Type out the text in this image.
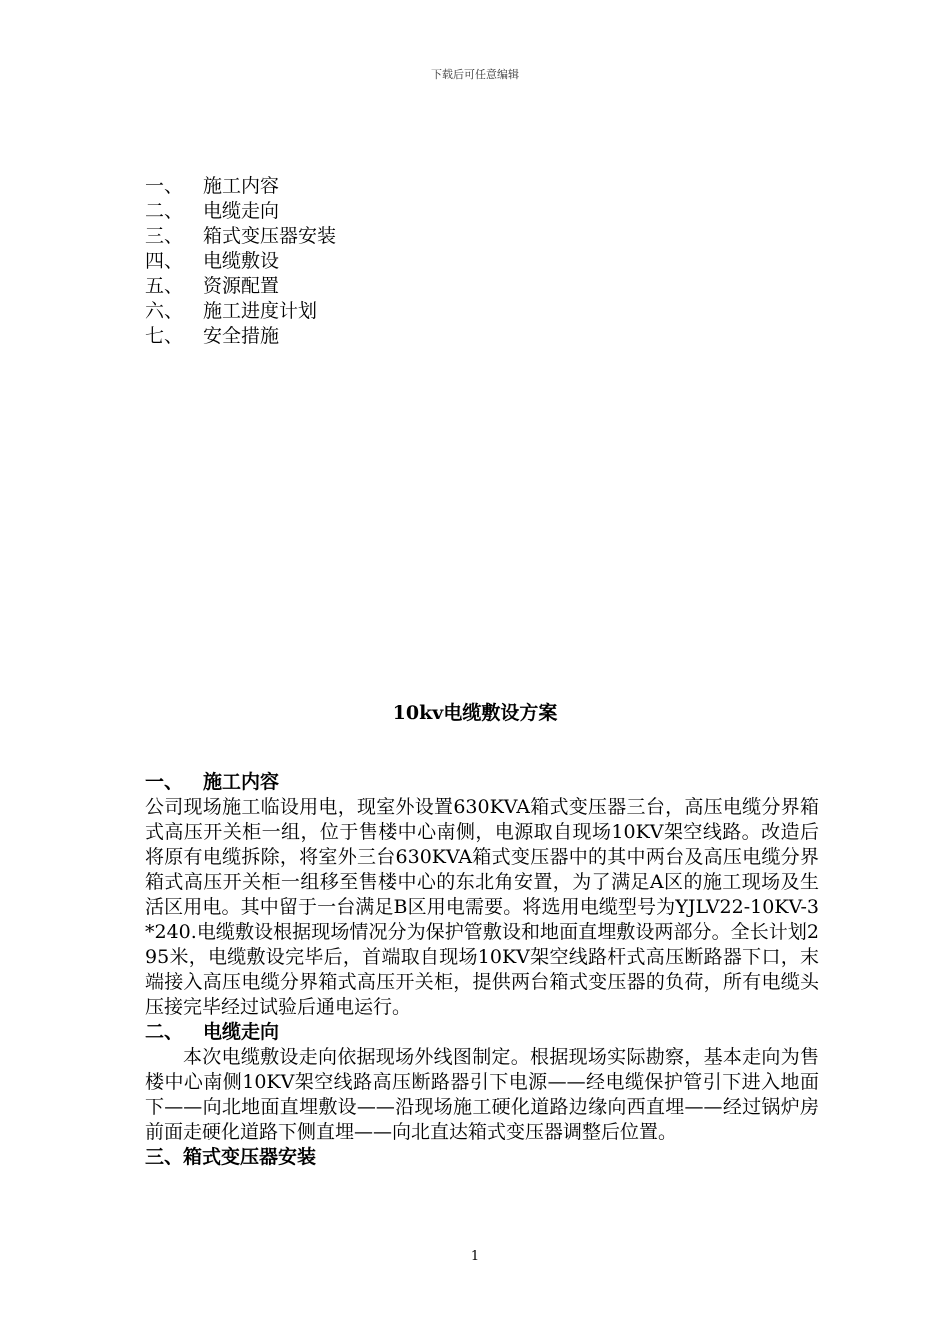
下载后可任意编辑
一、	施工内容
二、	电缆走向
三、	箱式变压器安装
四、	电缆敷设
五、	资源配置
六、	施工进度计划
七、	安全措施
10kv电缆敷设方案
一、	施工内容
公司现场施工临设用电，现室外设置630KVA箱式变压器三台，高压电缆分界箱式高压开关柜一组，位于售楼中心南侧，电源取自现场10KV架空线路。改造后将原有电缆拆除，将室外三台630KVA箱式变压器中的其中两台及高压电缆分界箱式高压开关柜一组移至售楼中心的东北角安置，为了满足A区的施工现场及生活区用电。其中留于一台满足B区用电需要。将选用电缆型号为YJLV22-10KV-3*240.电缆敷设根据现场情况分为保护管敷设和地面直埋敷设两部分。全长计划295米，电缆敷设完毕后，首端取自现场10KV架空线路杆式高压断路器下口，末端接入高压电缆分界箱式高压开关柜，提供两台箱式变压器的负荷，所有电缆头压接完毕经过试验后通电运行。
二、	电缆走向
本次电缆敷设走向依据现场外线图制定。根据现场实际勘察，基本走向为售楼中心南侧10KV架空线路高压断路器引下电源——经电缆保护管引下进入地面下——向北地面直埋敷设——沿现场施工硬化道路边缘向西直埋——经过锅炉房前面走硬化道路下侧直埋——向北直达箱式变压器调整后位置。
三、 箱式变压器安装
1
